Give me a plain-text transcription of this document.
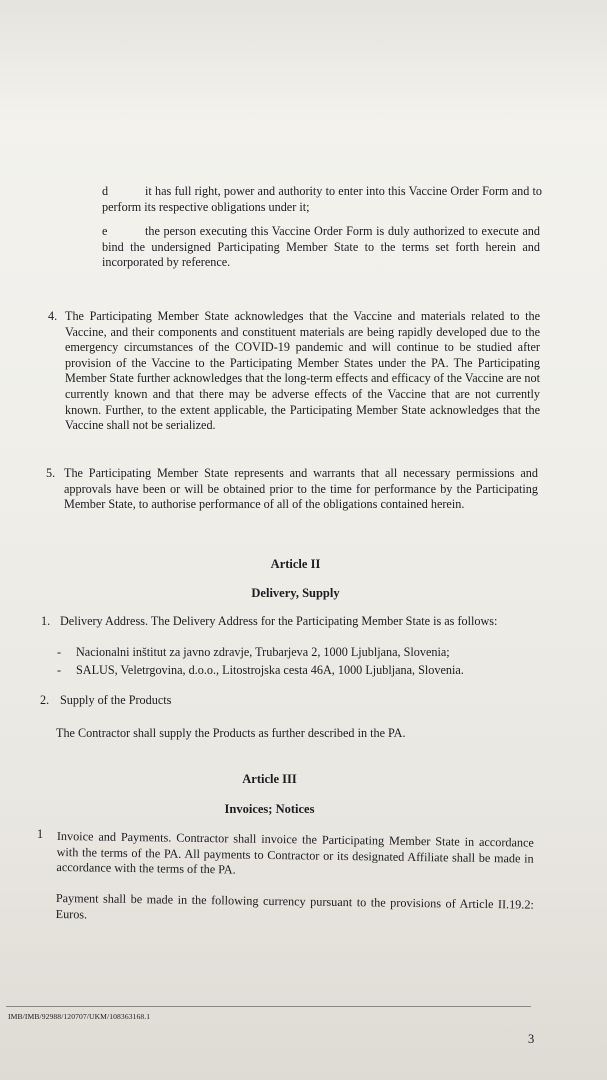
d	it has full right, power and authority to enter into this Vaccine Order Form and to perform its respective obligations under it;
e	the person executing this Vaccine Order Form is duly authorized to execute and bind the undersigned Participating Member State to the terms set forth herein and incorporated by reference.
4. The Participating Member State acknowledges that the Vaccine and materials related to the Vaccine, and their components and constituent materials are being rapidly developed due to the emergency circumstances of the COVID-19 pandemic and will continue to be studied after provision of the Vaccine to the Participating Member States under the PA. The Participating Member State further acknowledges that the long-term effects and efficacy of the Vaccine are not currently known and that there may be adverse effects of the Vaccine that are not currently known. Further, to the extent applicable, the Participating Member State acknowledges that the Vaccine shall not be serialized.
5. The Participating Member State represents and warrants that all necessary permissions and approvals have been or will be obtained prior to the time for performance by the Participating Member State, to authorise performance of all of the obligations contained herein.
Article II
Delivery, Supply
1. Delivery Address. The Delivery Address for the Participating Member State is as follows:
- Nacionalni inštitut za javno zdravje, Trubarjeva 2, 1000 Ljubljana, Slovenia;
- SALUS, Veletrgovina, d.o.o., Litostrojska cesta 46A, 1000 Ljubljana, Slovenia.
2. Supply of the Products
The Contractor shall supply the Products as further described in the PA.
Article III
Invoices; Notices
1 Invoice and Payments. Contractor shall invoice the Participating Member State in accordance with the terms of the PA. All payments to Contractor or its designated Affiliate shall be made in accordance with the terms of the PA.
Payment shall be made in the following currency pursuant to the provisions of Article II.19.2: Euros.
IMB/IMB/92988/120707/UKM/108363168.1
3
